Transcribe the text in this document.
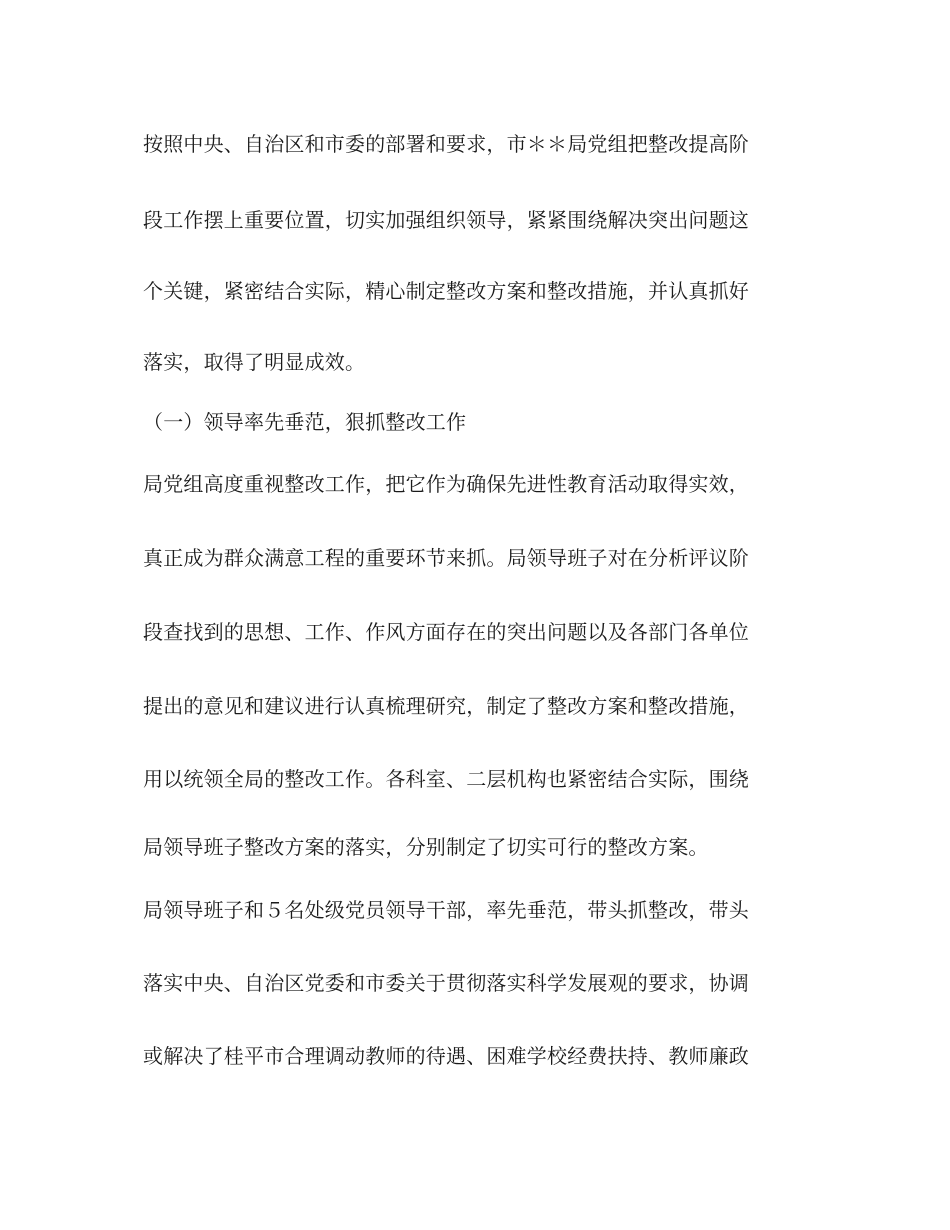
按照中央、自治区和市委的部署和要求，市＊＊局党组把整改提高阶

段工作摆上重要位置，切实加强组织领导，紧紧围绕解决突出问题这

个关键，紧密结合实际，精心制定整改方案和整改措施，并认真抓好

落实，取得了明显成效。

（一）领导率先垂范，狠抓整改工作

局党组高度重视整改工作，把它作为确保先进性教育活动取得实效，

真正成为群众满意工程的重要环节来抓。局领导班子对在分析评议阶

段查找到的思想、工作、作风方面存在的突出问题以及各部门各单位

提出的意见和建议进行认真梳理研究，制定了整改方案和整改措施，

用以统领全局的整改工作。各科室、二层机构也紧密结合实际，围绕

局领导班子整改方案的落实，分别制定了切实可行的整改方案。

局领导班子和５名处级党员领导干部，率先垂范，带头抓整改，带头

落实中央、自治区党委和市委关于贯彻落实科学发展观的要求，协调

或解决了桂平市合理调动教师的待遇、困难学校经费扶持、教师廉政
